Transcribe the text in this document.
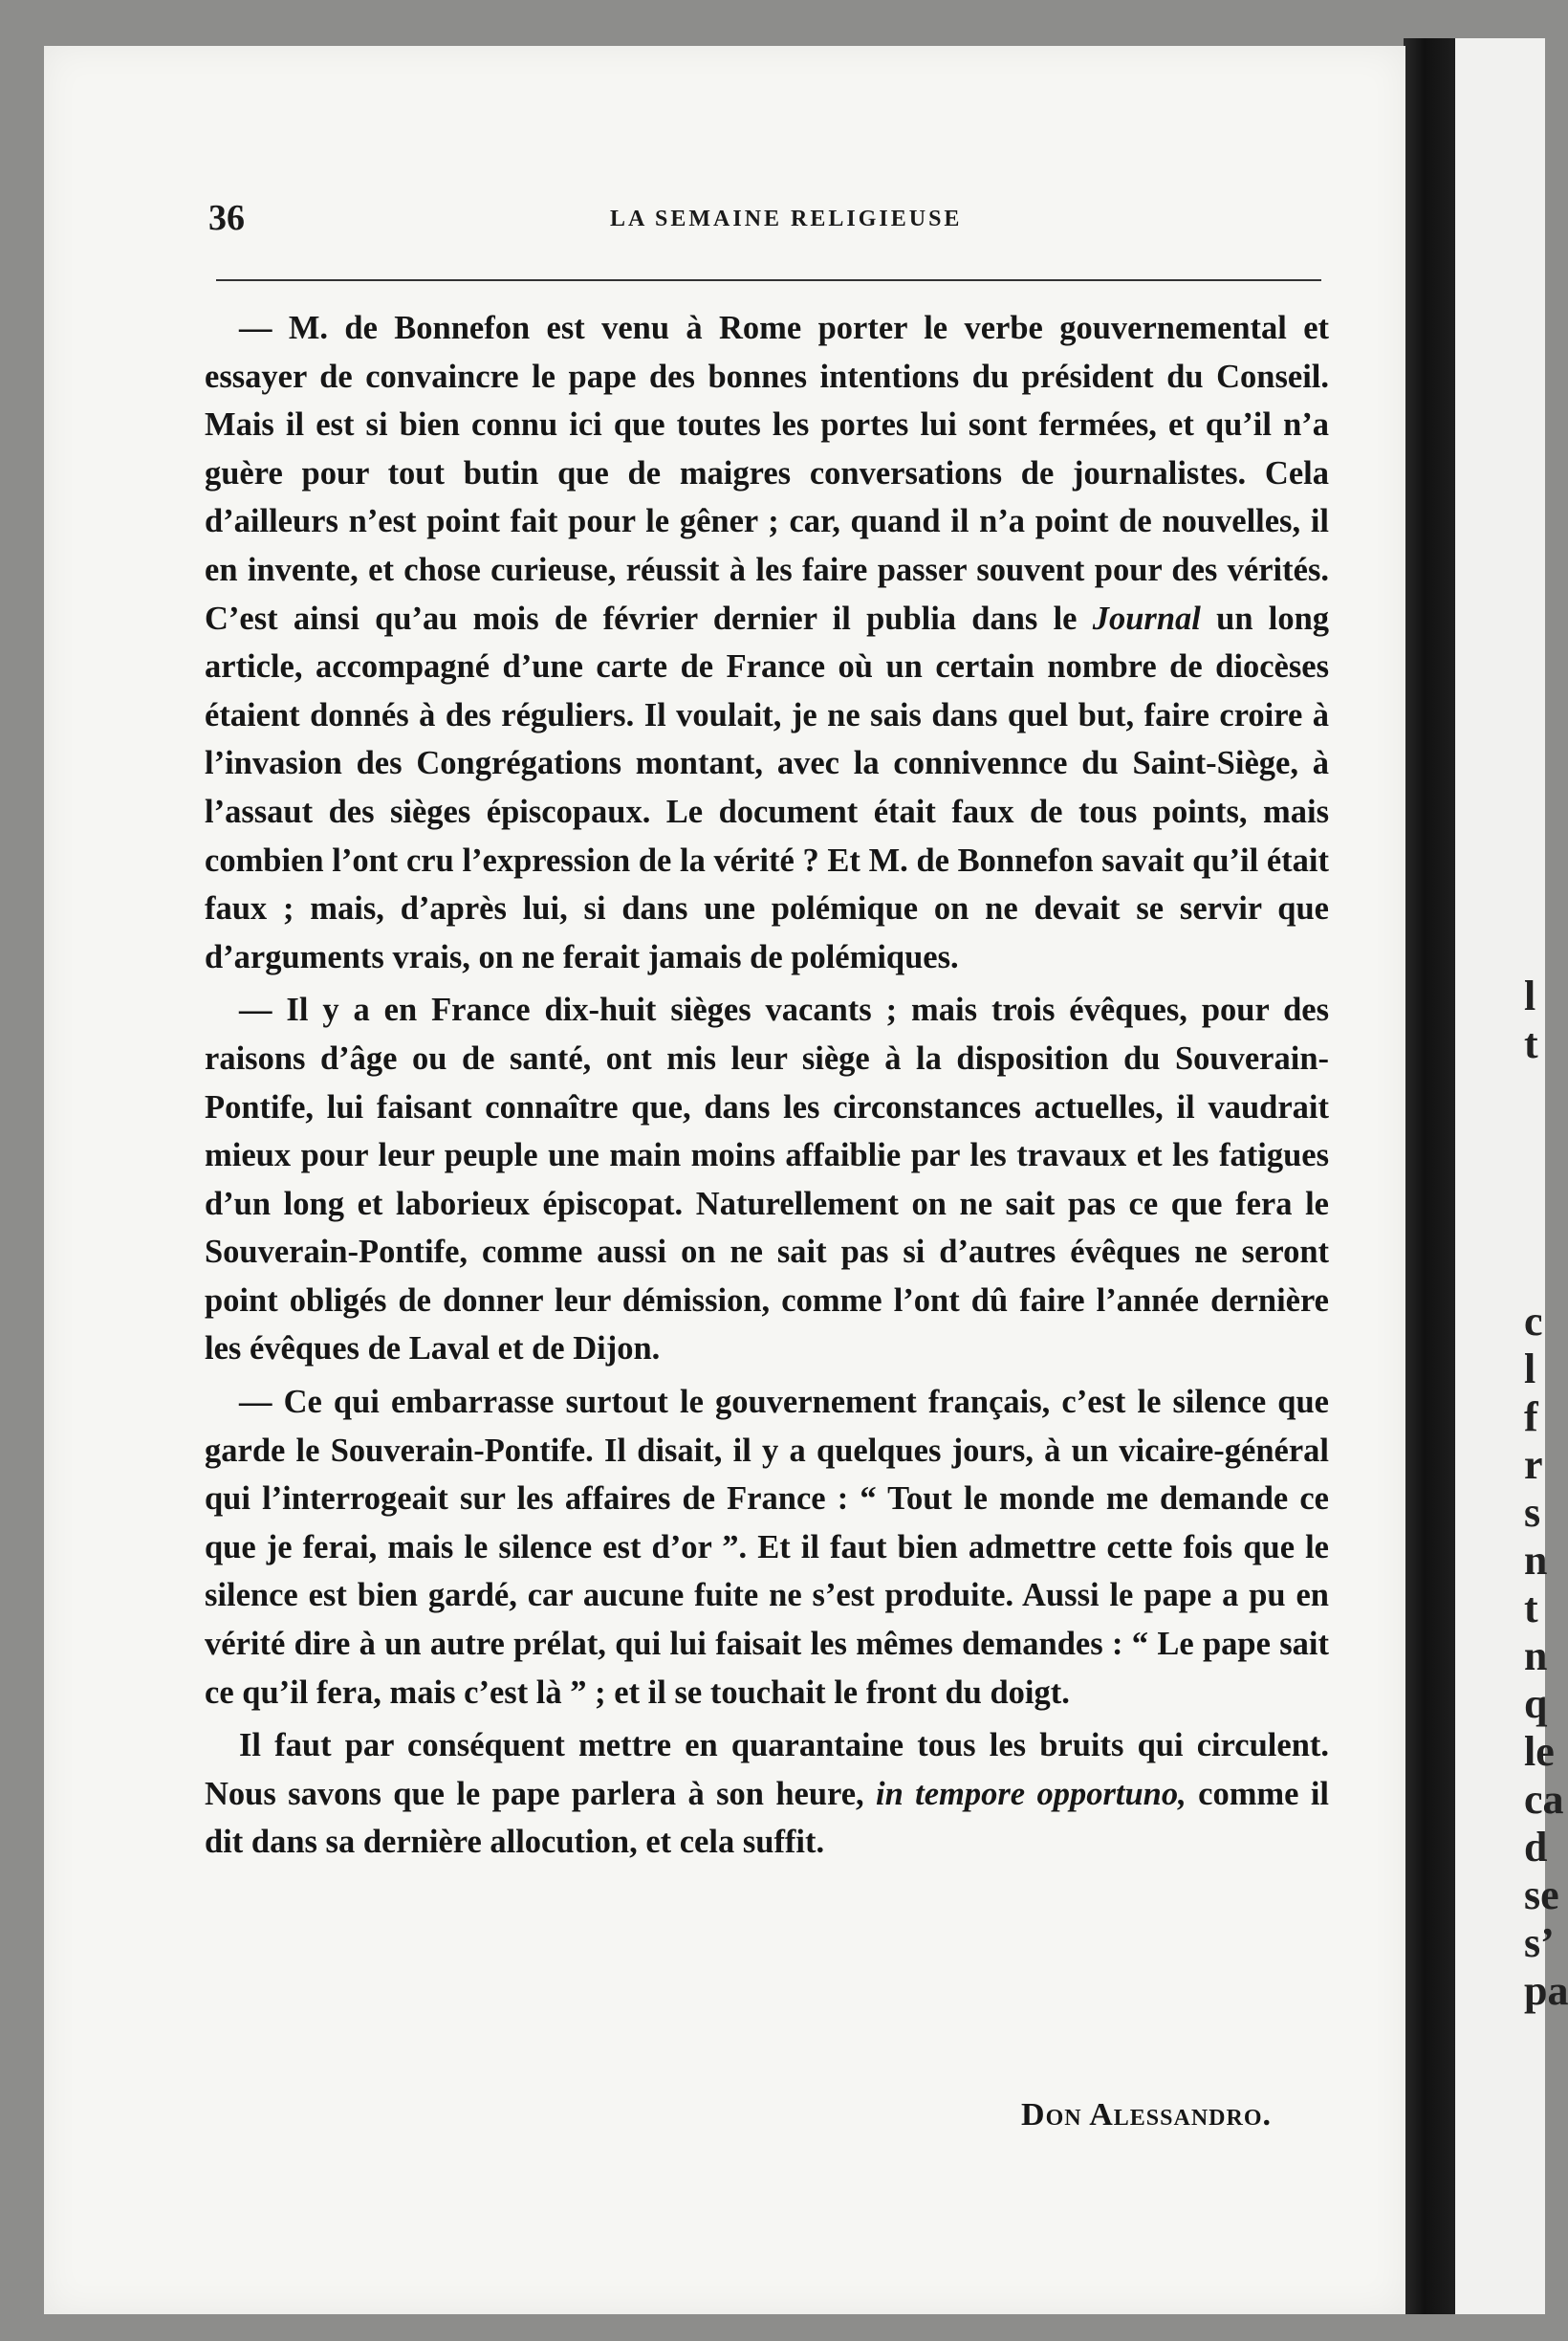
l
t
c
l
f
r
s
n
t
n
q
le
ca
d
se
s’
pa
36	LA SEMAINE RELIGIEUSE

— M. de Bonnefon est venu à Rome porter le verbe gouvernemental et essayer de convaincre le pape des bonnes intentions du président du Conseil. Mais il est si bien connu ici que toutes les portes lui sont fermées, et qu’il n’a guère pour tout butin que de maigres conversations de journalistes. Cela d’ailleurs n’est point fait pour le gêner ; car, quand il n’a point de nouvelles, il en invente, et chose curieuse, réussit à les faire passer souvent pour des vérités. C’est ainsi qu’au mois de février dernier il publia dans le Journal un long article, accompagné d’une carte de France où un certain nombre de diocèses étaient donnés à des réguliers. Il voulait, je ne sais dans quel but, faire croire à l’invasion des Congrégations montant, avec la connivennce du Saint-Siège, à l’assaut des sièges épiscopaux. Le document était faux de tous points, mais combien l’ont cru l’expression de la vérité ? Et M. de Bonnefon savait qu’il était faux ; mais, d’après lui, si dans une polémique on ne devait se servir que d’arguments vrais, on ne ferait jamais de polémiques.

— Il y a en France dix-huit sièges vacants ; mais trois évêques, pour des raisons d’âge ou de santé, ont mis leur siège à la disposition du Souverain-Pontife, lui faisant connaître que, dans les circonstances actuelles, il vaudrait mieux pour leur peuple une main moins affaiblie par les travaux et les fatigues d’un long et laborieux épiscopat. Naturellement on ne sait pas ce que fera le Souverain-Pontife, comme aussi on ne sait pas si d’autres évêques ne seront point obligés de donner leur démission, comme l’ont dû faire l’année dernière les évêques de Laval et de Dijon.

— Ce qui embarrasse surtout le gouvernement français, c’est le silence que garde le Souverain-Pontife. Il disait, il y a quelques jours, à un vicaire-général qui l’interrogeait sur les affaires de France : “ Tout le monde me demande ce que je ferai, mais le silence est d’or ”. Et il faut bien admettre cette fois que le silence est bien gardé, car aucune fuite ne s’est produite. Aussi le pape a pu en vérité dire à un autre prélat, qui lui faisait les mêmes demandes : “ Le pape sait ce qu’il fera, mais c’est là ” ; et il se touchait le front du doigt.

Il faut par conséquent mettre en quarantaine tous les bruits qui circulent. Nous savons que le pape parlera à son heure, in tempore opportuno, comme il dit dans sa dernière allocution, et cela suffit.

Don Alessandro.
